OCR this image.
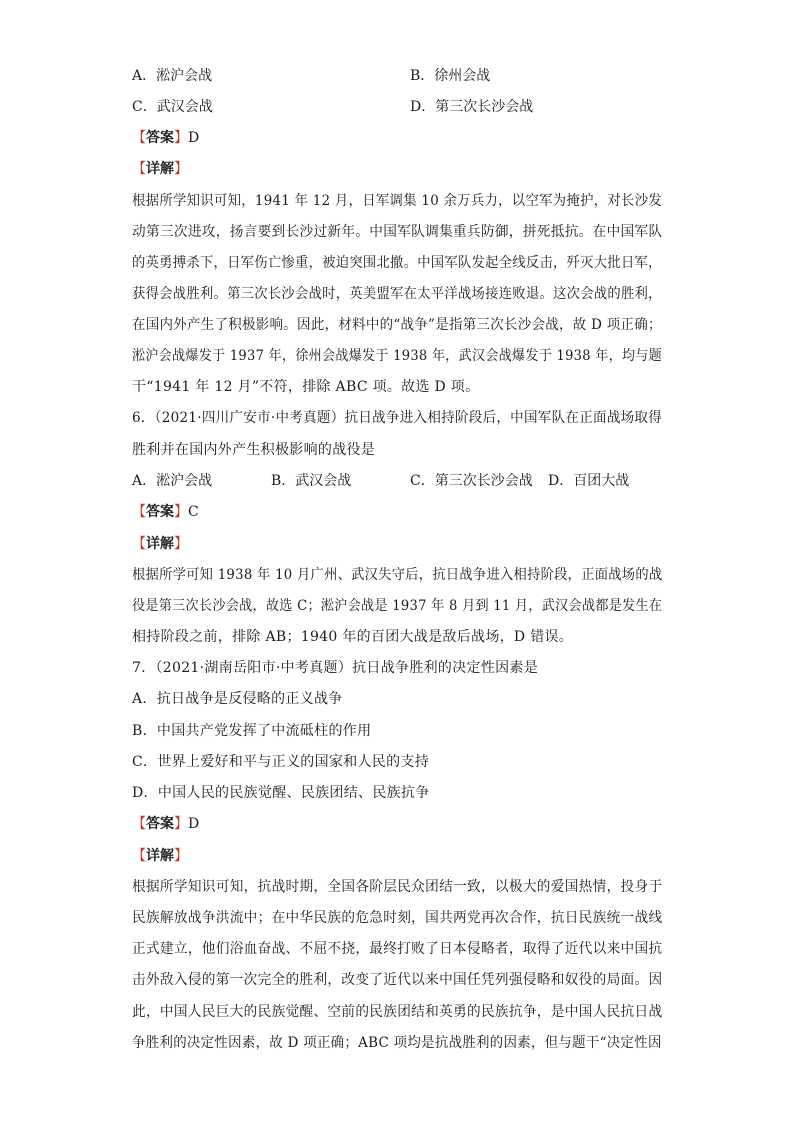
A．淞沪会战	B．徐州会战
C．武汉会战	D．第三次长沙会战
【答案】D
【详解】
根据所学知识可知，1941 年 12 月，日军调集 10 余万兵力，以空军为掩护，对长沙发
动第三次进攻，扬言要到长沙过新年。中国军队调集重兵防御，拼死抵抗。在中国军队
的英勇搏杀下，日军伤亡惨重，被迫突围北撤。中国军队发起全线反击，歼灭大批日军，
获得会战胜利。第三次长沙会战时，英美盟军在太平洋战场接连败退。这次会战的胜利，
在国内外产生了积极影响。因此，材料中的“战争”是指第三次长沙会战，故 D 项正确；
淞沪会战爆发于 1937 年，徐州会战爆发于 1938 年，武汉会战爆发于 1938 年，均与题
干“1941 年 12 月”不符，排除 ABC 项。故选 D 项。
6．（2021·四川广安市·中考真题）抗日战争进入相持阶段后，中国军队在正面战场取得
胜利并在国内外产生积极影响的战役是
A．淞沪会战	B．武汉会战	C．第三次长沙会战 D．百团大战
【答案】C
【详解】
根据所学可知 1938 年 10 月广州、武汉失守后，抗日战争进入相持阶段，正面战场的战
役是第三次长沙会战，故选 C；淞沪会战是 1937 年 8 月到 11 月，武汉会战都是发生在
相持阶段之前，排除 AB；1940 年的百团大战是敌后战场，D 错误。
7．（2021·湖南岳阳市·中考真题）抗日战争胜利的决定性因素是
A．抗日战争是反侵略的正义战争
B．中国共产党发挥了中流砥柱的作用
C．世界上爱好和平与正义的国家和人民的支持
D．中国人民的民族觉醒、民族团结、民族抗争
【答案】D
【详解】
根据所学知识可知，抗战时期，全国各阶层民众团结一致，以极大的爱国热情，投身于
民族解放战争洪流中；在中华民族的危急时刻，国共两党再次合作，抗日民族统一战线
正式建立，他们浴血奋战、不屈不挠，最终打败了日本侵略者，取得了近代以来中国抗
击外敌入侵的第一次完全的胜利，改变了近代以来中国任凭列强侵略和奴役的局面。因
此，中国人民巨大的民族觉醒、空前的民族团结和英勇的民族抗争，是中国人民抗日战
争胜利的决定性因素，故 D 项正确；ABC 项均是抗战胜利的因素，但与题干“决定性因
